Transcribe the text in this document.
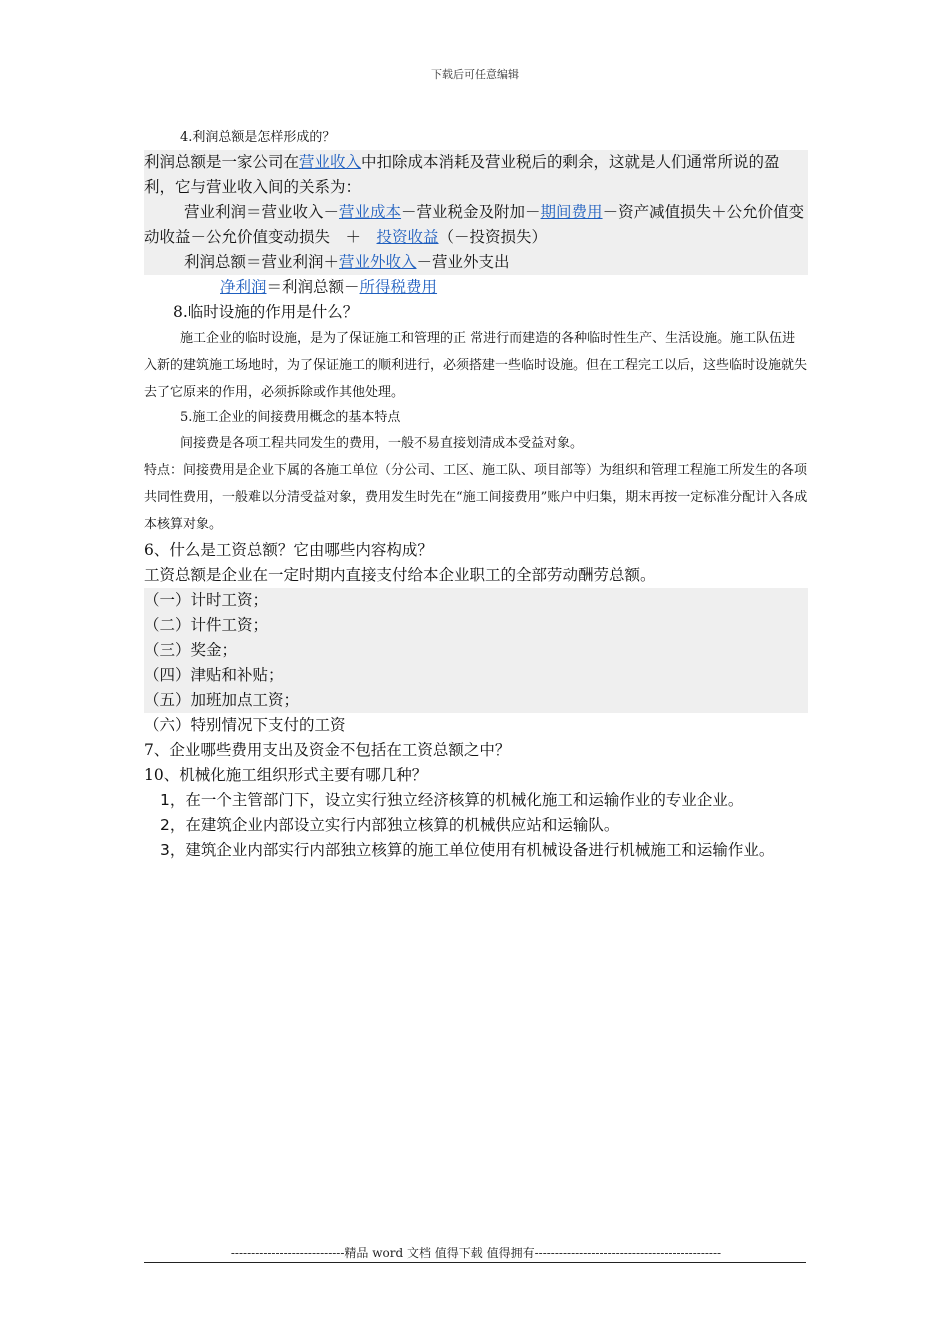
下载后可任意编辑

4.利润总额是怎样形成的？

利润总额是一家公司在营业收入中扣除成本消耗及营业税后的剩余，这就是人们通常所说的盈利，它与营业收入间的关系为：

营业利润＝营业收入－营业成本－营业税金及附加－期间费用－资产减值损失＋公允价值变动收益－公允价值变动损失　＋　投资收益（－投资损失）

利润总额＝营业利润＋营业外收入－营业外支出

净利润＝利润总额－所得税费用

8.临时设施的作用是什么？

施工企业的临时设施，是为了保证施工和管理的正 常进行而建造的各种临时性生产、生活设施。施工队伍进入新的建筑施工场地时，为了保证施工的顺利进行，必须搭建一些临时设施。但在工程完工以后，这些临时设施就失去了它原来的作用，必须拆除或作其他处理。

5.施工企业的间接费用概念的基本特点

间接费是各项工程共同发生的费用，一般不易直接划清成本受益对象。

特点：间接费用是企业下属的各施工单位（分公司、工区、施工队、项目部等）为组织和管理工程施工所发生的各项共同性费用，一般难以分清受益对象，费用发生时先在“施工间接费用”账户中归集，期末再按一定标准分配计入各成本核算对象。

6、什么是工资总额？它由哪些内容构成？

工资总额是企业在一定时期内直接支付给本企业职工的全部劳动酬劳总额。

（一）计时工资；

（二）计件工资；

（三）奖金；

（四）津贴和补贴；

（五）加班加点工资；

（六）特别情况下支付的工资

7、企业哪些费用支出及资金不包括在工资总额之中？

10、机械化施工组织形式主要有哪几种？

1，在一个主管部门下，设立实行独立经济核算的机械化施工和运输作业的专业企业。

2，在建筑企业内部设立实行内部独立核算的机械供应站和运输队。

3，建筑企业内部实行内部独立核算的施工单位使用有机械设备进行机械施工和运输作业。

----------------------------精品 word 文档 值得下载 值得拥有----------------------------------------------
